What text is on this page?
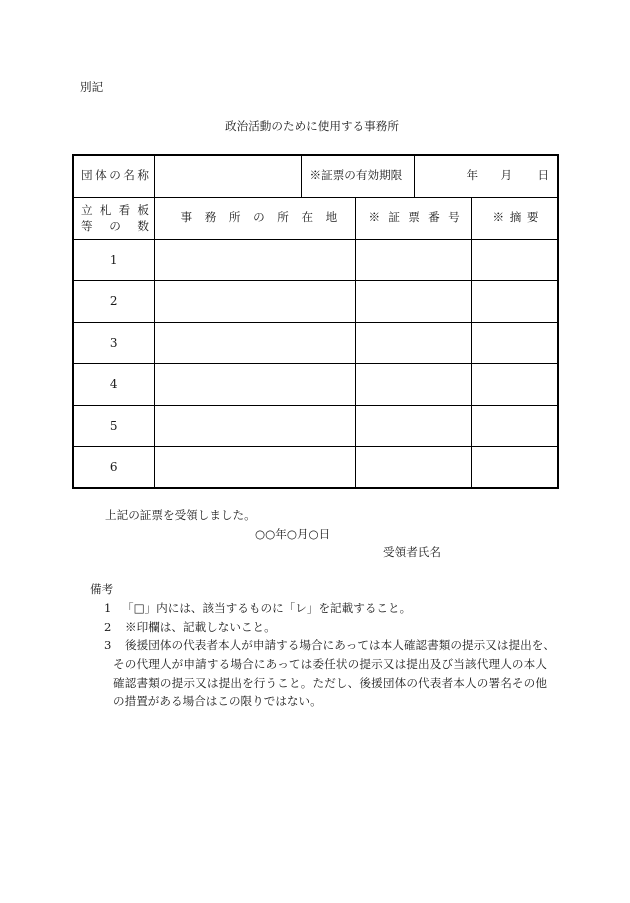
別記
政治活動のために使用する事務所
団体の名称		※証票の有効期限		年 月 日	

立札看板
等の数	事務所の所在地		※証票番号		※摘要
1					
2					
3					
4					
5					
6					
上記の証票を受領しました。
○○年○月○日
受領者氏名
備考
1 「□」内には、該当するものに「レ」を記載すること。
2 ※印欄は、記載しないこと。
3 後援団体の代表者本人が申請する場合にあっては本人確認書類の提示又は提出を、
その代理人が申請する場合にあっては委任状の提示又は提出及び当該代理人の本人
確認書類の提示又は提出を行うこと。ただし、後援団体の代表者本人の署名その他
の措置がある場合はこの限りではない。
